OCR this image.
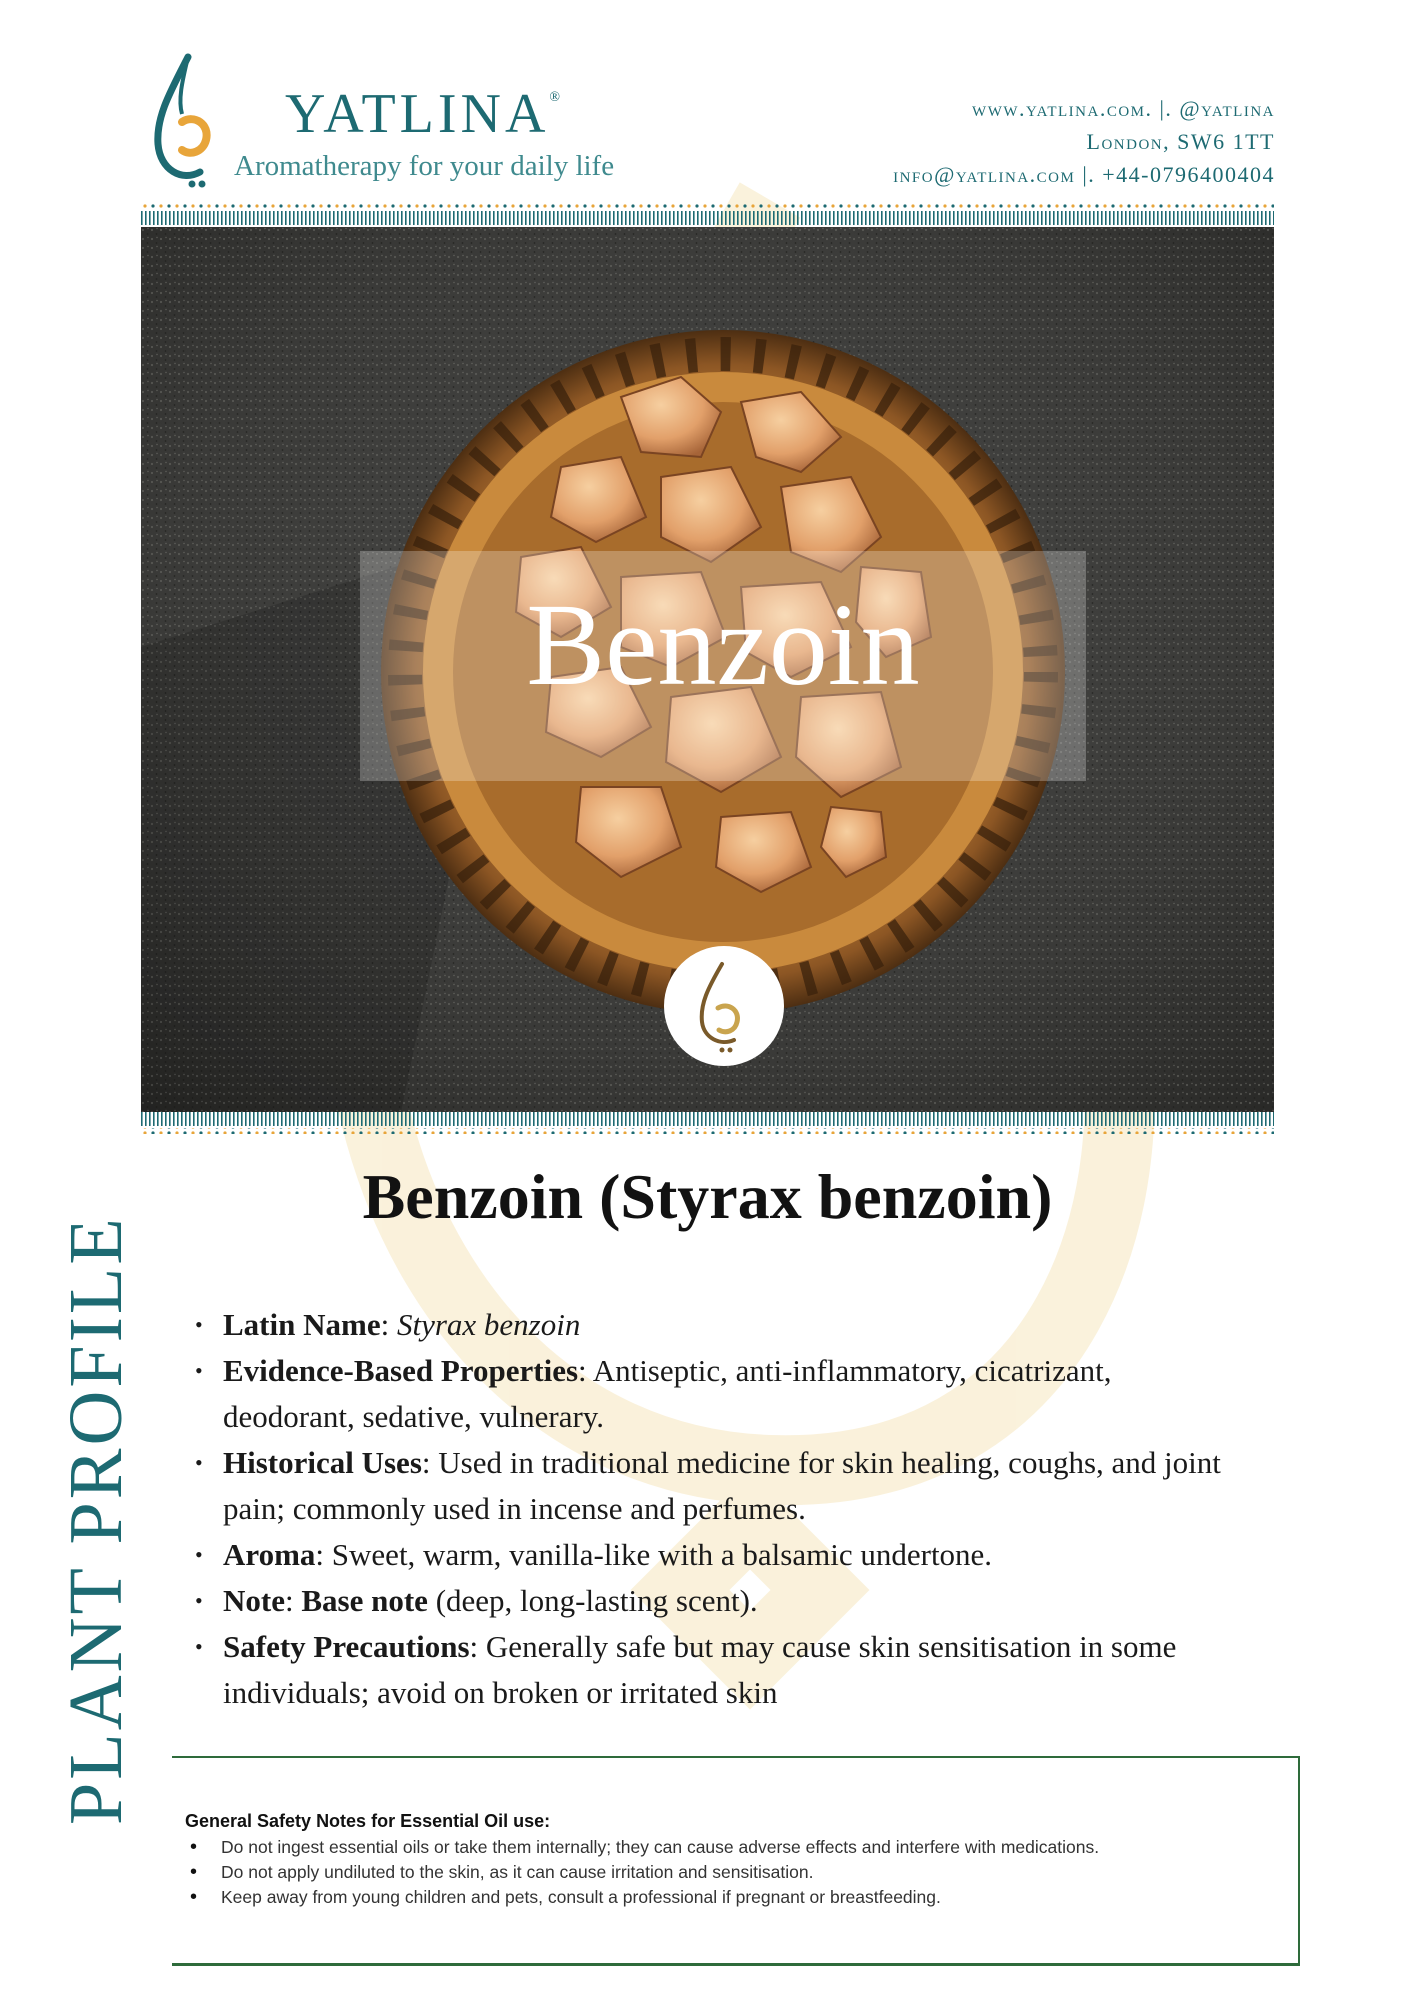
YATLINA®
Aromatherapy for your daily life
www.yatlina.com. |. @yatlina
London, SW6 1TT
info@yatlina.com |. +44-0796400404
Benzoin
PLANT PROFILE
Benzoin (Styrax benzoin)
• Latin Name: Styrax benzoin
• Evidence-Based Properties: Antiseptic, anti-inflammatory, cicatrizant, deodorant, sedative, vulnerary.
• Historical Uses: Used in traditional medicine for skin healing, coughs, and joint pain; commonly used in incense and perfumes.
• Aroma: Sweet, warm, vanilla-like with a balsamic undertone.
• Note: Base note (deep, long-lasting scent).
• Safety Precautions: Generally safe but may cause skin sensitisation in some individuals; avoid on broken or irritated skin
General Safety Notes for Essential Oil use:
• Do not ingest essential oils or take them internally; they can cause adverse effects and interfere with medications.
• Do not apply undiluted to the skin, as it can cause irritation and sensitisation.
• Keep away from young children and pets, consult a professional if pregnant or breastfeeding.
